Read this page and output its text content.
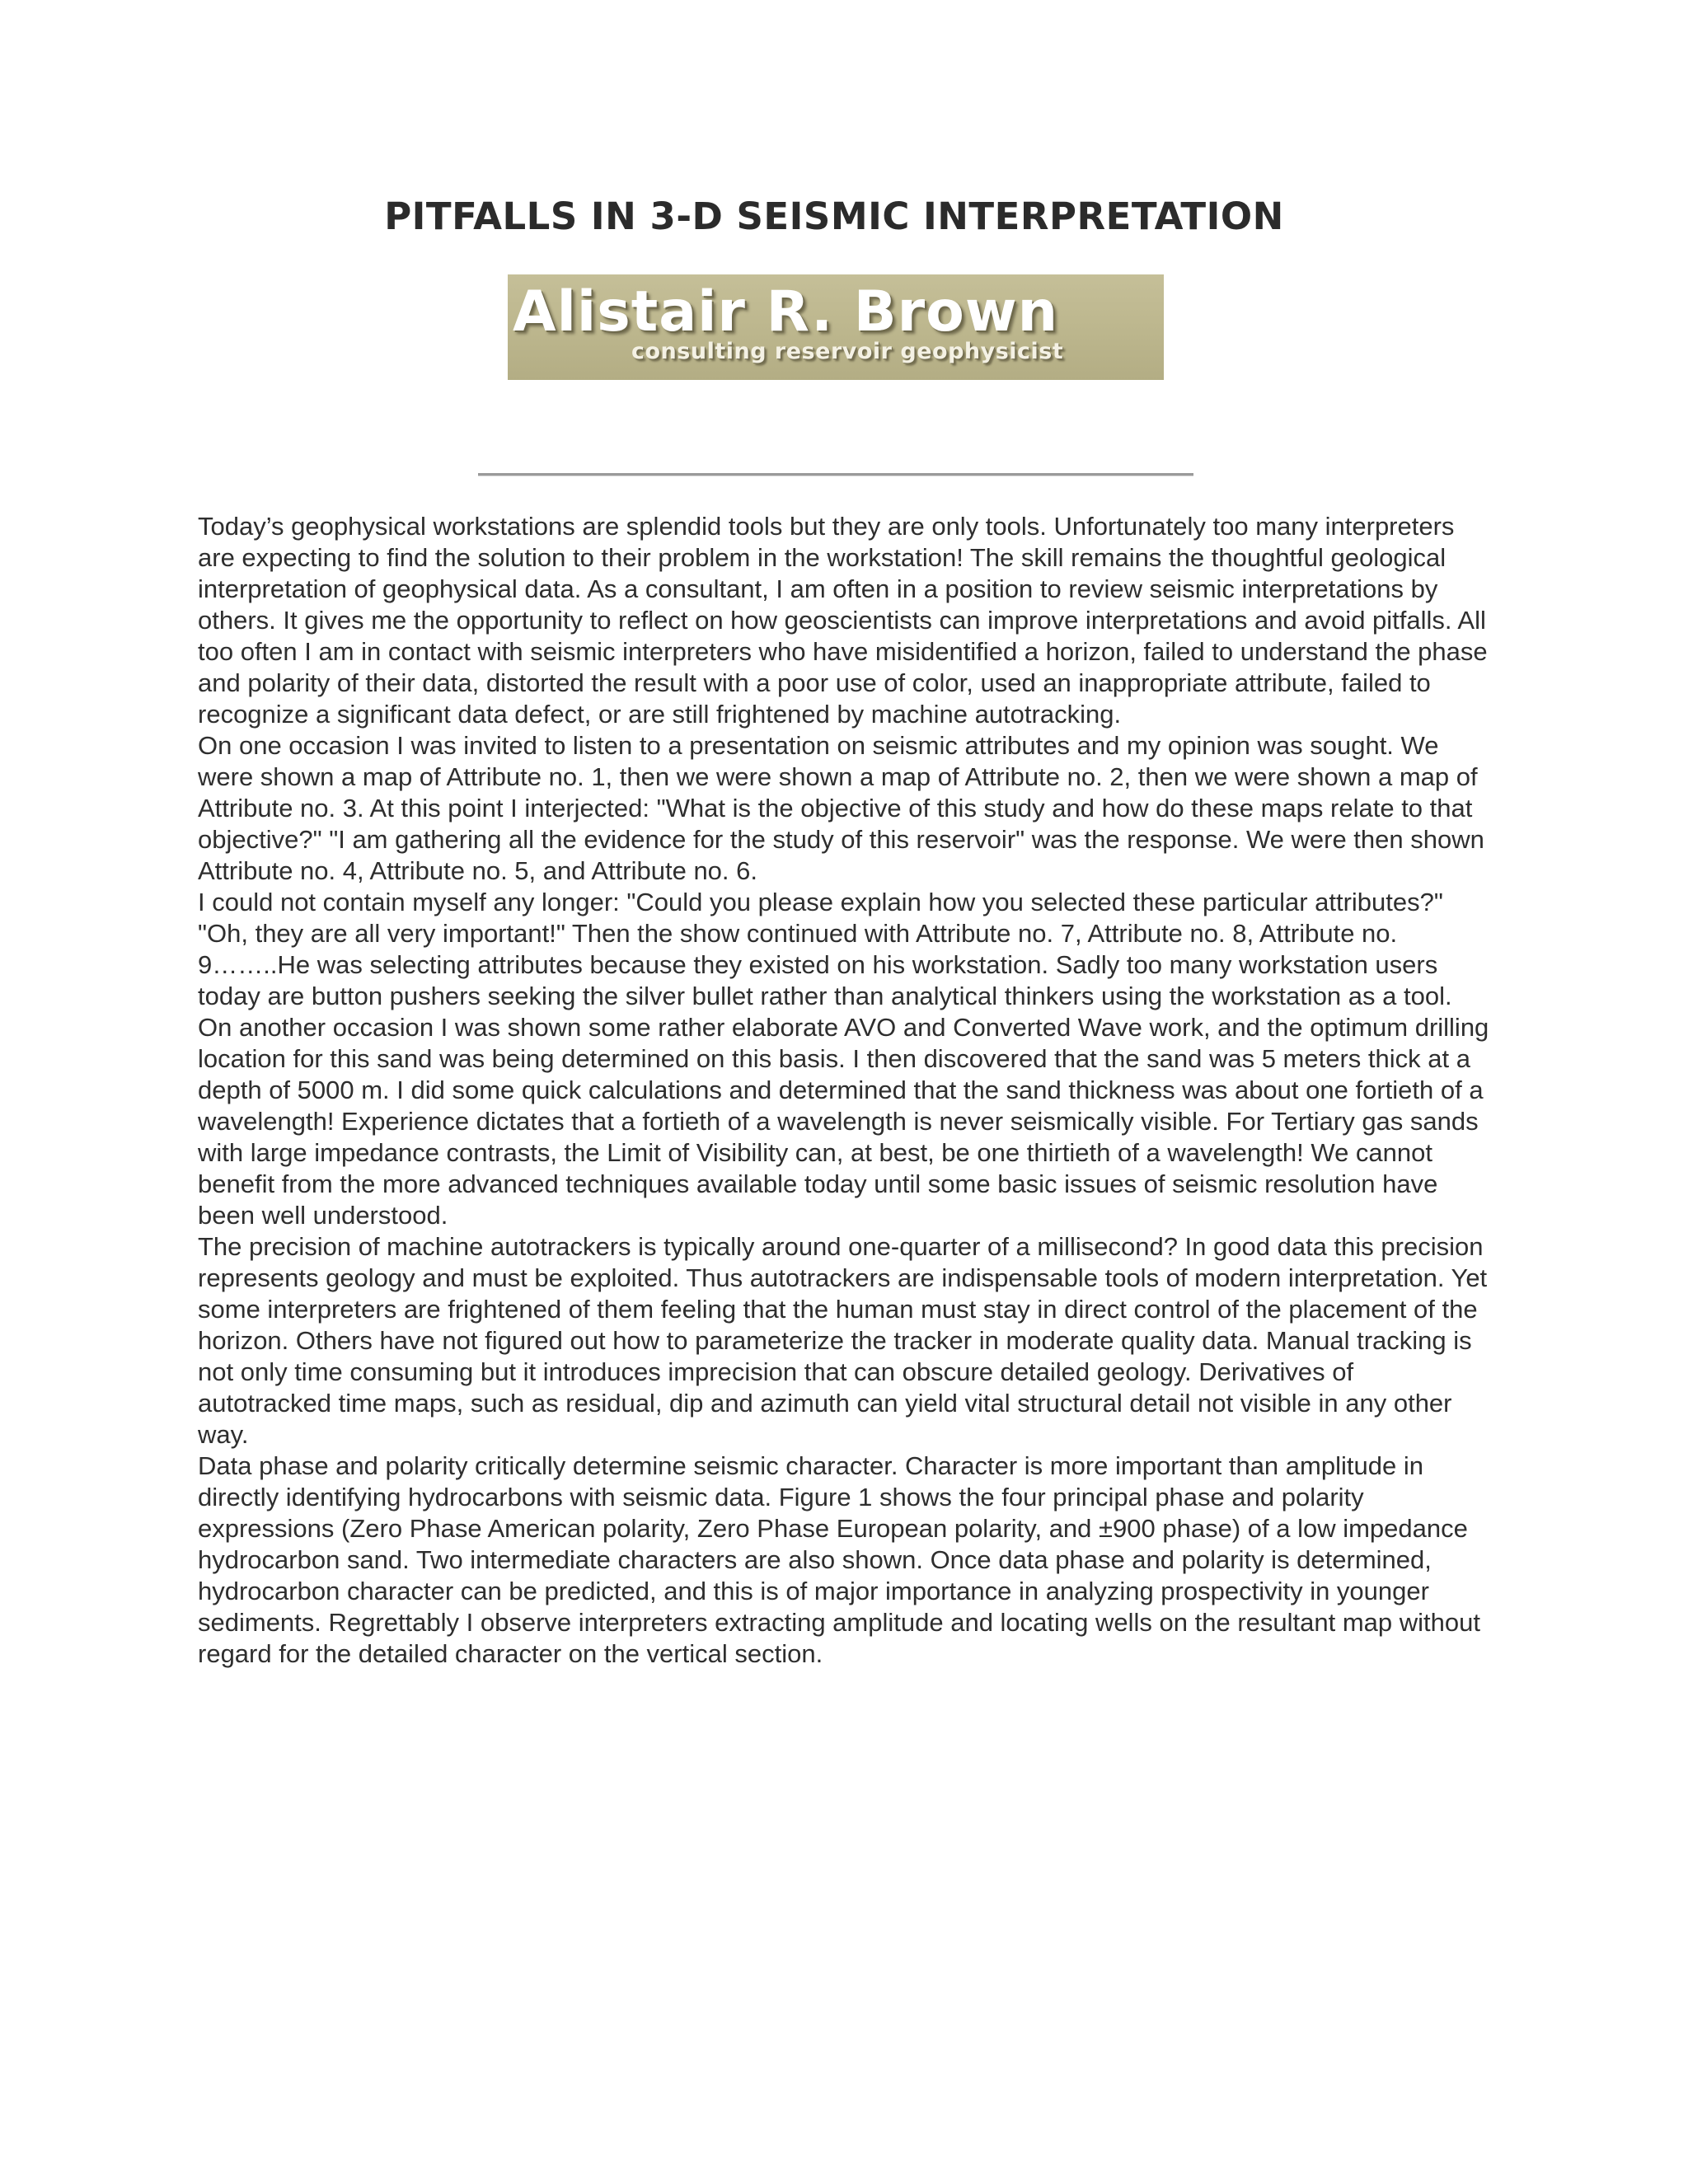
PITFALLS IN 3-D SEISMIC INTERPRETATION
Alistair R. Brown
consulting reservoir geophysicist

Today’s geophysical workstations are splendid tools but they are only tools. Unfortunately too many interpreters are expecting to find the solution to their problem in the workstation! The skill remains the thoughtful geological interpretation of geophysical data. As a consultant, I am often in a position to review seismic interpretations by others. It gives me the opportunity to reflect on how geoscientists can improve interpretations and avoid pitfalls. All too often I am in contact with seismic interpreters who have misidentified a horizon, failed to understand the phase and polarity of their data, distorted the result with a poor use of color, used an inappropriate attribute, failed to recognize a significant data defect, or are still frightened by machine autotracking.

On one occasion I was invited to listen to a presentation on seismic attributes and my opinion was sought. We were shown a map of Attribute no. 1, then we were shown a map of Attribute no. 2, then we were shown a map of Attribute no. 3. At this point I interjected: "What is the objective of this study and how do these maps relate to that objective?" "I am gathering all the evidence for the study of this reservoir" was the response. We were then shown Attribute no. 4, Attribute no. 5, and Attribute no. 6.

I could not contain myself any longer: "Could you please explain how you selected these particular attributes?" "Oh, they are all very important!" Then the show continued with Attribute no. 7, Attribute no. 8, Attribute no. 9……..He was selecting attributes because they existed on his workstation. Sadly too many workstation users today are button pushers seeking the silver bullet rather than analytical thinkers using the workstation as a tool.

On another occasion I was shown some rather elaborate AVO and Converted Wave work, and the optimum drilling location for this sand was being determined on this basis. I then discovered that the sand was 5 meters thick at a depth of 5000 m. I did some quick calculations and determined that the sand thickness was about one fortieth of a wavelength! Experience dictates that a fortieth of a wavelength is never seismically visible. For Tertiary gas sands with large impedance contrasts, the Limit of Visibility can, at best, be one thirtieth of a wavelength! We cannot benefit from the more advanced techniques available today until some basic issues of seismic resolution have been well understood.

The precision of machine autotrackers is typically around one-quarter of a millisecond? In good data this precision represents geology and must be exploited. Thus autotrackers are indispensable tools of modern interpretation. Yet some interpreters are frightened of them feeling that the human must stay in direct control of the placement of the horizon. Others have not figured out how to parameterize the tracker in moderate quality data. Manual tracking is not only time consuming but it introduces imprecision that can obscure detailed geology. Derivatives of autotracked time maps, such as residual, dip and azimuth can yield vital structural detail not visible in any other way.

Data phase and polarity critically determine seismic character. Character is more important than amplitude in directly identifying hydrocarbons with seismic data. Figure 1 shows the four principal phase and polarity expressions (Zero Phase American polarity, Zero Phase European polarity, and ±900 phase) of a low impedance hydrocarbon sand. Two intermediate characters are also shown. Once data phase and polarity is determined, hydrocarbon character can be predicted, and this is of major importance in analyzing prospectivity in younger sediments. Regrettably I observe interpreters extracting amplitude and locating wells on the resultant map without regard for the detailed character on the vertical section.
